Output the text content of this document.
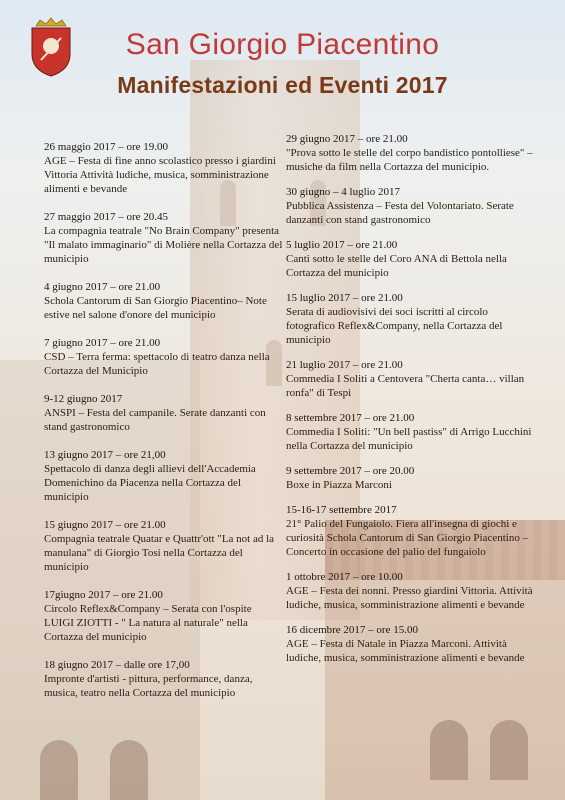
San Giorgio Piacentino
Manifestazioni ed Eventi 2017
26 maggio 2017 – ore 19.00
AGE – Festa di fine anno scolastico presso i giardini Vittoria Attività ludiche, musica, somministrazione alimenti e bevande
27 maggio 2017 – ore 20.45
La compagnia teatrale "No Brain Company" presenta "Il malato immaginario" di Molière nella Cortazza del municipio
4 giugno 2017 – ore 21.00
Schola Cantorum di San Giorgio Piacentino– Note estive nel salone d'onore del municipio
7 giugno 2017 – ore 21.00
CSD – Terra ferma: spettacolo di teatro danza nella Cortazza del Municipio
9-12 giugno 2017
ANSPI – Festa del campanile. Serate danzanti con stand gastronomico
13 giugno 2017 – ore 21,00
Spettacolo di danza degli allievi dell'Accademia Domenichino da Piacenza nella Cortazza del municipio
15 giugno 2017 – ore 21.00
Compagnia teatrale Quatar e Quattr'ott "La not ad la manulana" di Giorgio Tosi nella Cortazza del municipio
17giugno 2017 – ore 21.00
Circolo Reflex&Company – Serata con l'ospite LUIGI ZIOTTI - " La natura al naturale" nella Cortazza del municipio
18 giugno 2017 – dalle ore 17,00
Impronte d'artisti - pittura, performance, danza, musica, teatro nella Cortazza del municipio
29 giugno 2017 – ore 21.00
"Prova sotto le stelle del corpo bandistico pontolliese" – musiche da film nella Cortazza del municipio.
30 giugno – 4 luglio 2017
Pubblica Assistenza – Festa del Volontariato. Serate danzanti con stand gastronomico
5 luglio 2017 – ore 21.00
Canti sotto le stelle del Coro ANA di Bettola nella Cortazza del municipio
15 luglio 2017 – ore 21.00
Serata di audiovisivi dei soci iscritti al circolo fotografico Reflex&Company, nella Cortazza del municipio
21 luglio 2017 – ore 21.00
Commedia I Soliti a Centovera "Cherta canta… villan ronfa" di Tespi
8 settembre 2017 – ore 21.00
Commedia I Soliti: "Un bell pastiss" di Arrigo Lucchini nella Cortazza del municipio
9 settembre 2017 – ore 20.00
Boxe in Piazza Marconi
15-16-17 settembre 2017
21° Palio del Fungaiolo. Fiera all'insegna di giochi e curiosità Schola Cantorum di San Giorgio Piacentino – Concerto in occasione del palio del fungaiolo
1 ottobre 2017 – ore 10.00
AGE – Festa dei nonni. Presso giardini Vittoria. Attività ludiche, musica, somministrazione alimenti e bevande
16 dicembre 2017 – ore 15.00
AGE – Festa di Natale in Piazza Marconi. Attività ludiche, musica, somministrazione alimenti e bevande
